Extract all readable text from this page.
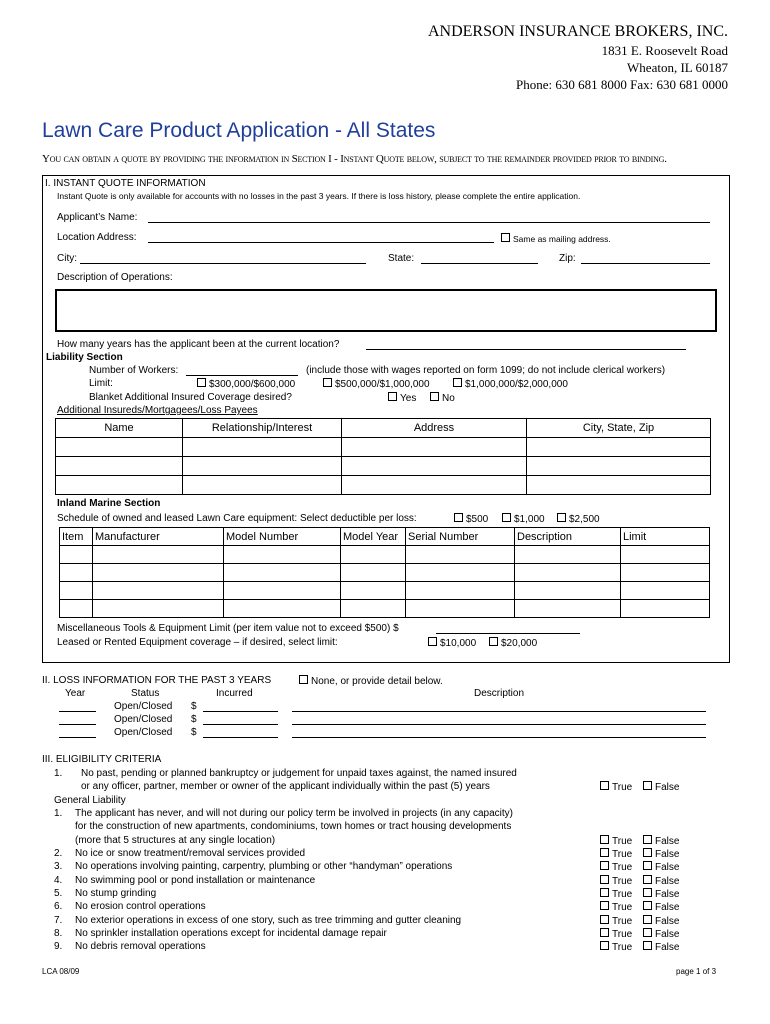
ANDERSON INSURANCE BROKERS, INC.
1831 E. Roosevelt Road
Wheaton, IL 60187
Phone: 630 681 8000 Fax: 630 681 0000
Lawn Care Product Application - All States
You can obtain a quote by providing the information in Section I - Instant Quote below, subject to the remainder provided prior to binding.
I. INSTANT QUOTE INFORMATION
Instant Quote is only available for accounts with no losses in the past 3 years. If there is loss history, please complete the entire application.
Applicant’s Name:
Location Address:	Same as mailing address.
City:	State:	Zip:
Description of Operations:
How many years has the applicant been at the current location?
Liability Section
Number of Workers:	(include those with wages reported on form 1099; do not include clerical workers)
Limit:	$300,000/$600,000	$500,000/$1,000,000	$1,000,000/$2,000,000
Blanket Additional Insured Coverage desired?	Yes	No
Additional Insureds/Mortgagees/Loss Payees
Name	Relationship/Interest	Address	City, State, Zip

Inland Marine Section
Schedule of owned and leased Lawn Care equipment: Select deductible per loss:	$500	$1,000	$2,500
Item	Manufacturer	Model Number	Model Year	Serial Number	Description	Limit

Miscellaneous Tools & Equipment Limit (per item value not to exceed $500) $
Leased or Rented Equipment coverage – if desired, select limit:	$10,000	$20,000
II. LOSS INFORMATION FOR THE PAST 3 YEARS	None, or provide detail below.
Year	Status	Incurred	Description
Open/Closed $
Open/Closed $
Open/Closed $
III. ELIGIBILITY CRITERIA
1. No past, pending or planned bankruptcy or judgement for unpaid taxes against, the named insured
or any officer, partner, member or owner of the applicant individually within the past (5) years	True	False
General Liability
1. The applicant has never, and will not during our policy term be involved in projects (in any capacity)
for the construction of new apartments, condominiums, town homes or tract housing developments
(more that 5 structures at any single location)	True	False
2. No ice or snow treatment/removal services provided	True	False
3. No operations involving painting, carpentry, plumbing or other “handyman” operations	True	False
4. No swimming pool or pond installation or maintenance	True	False
5. No stump grinding	True	False
6. No erosion control operations	True	False
7. No exterior operations in excess of one story, such as tree trimming and gutter cleaning	True	False
8. No sprinkler installation operations except for incidental damage repair	True	False
9. No debris removal operations	True	False
LCA 08/09	page 1 of 3
